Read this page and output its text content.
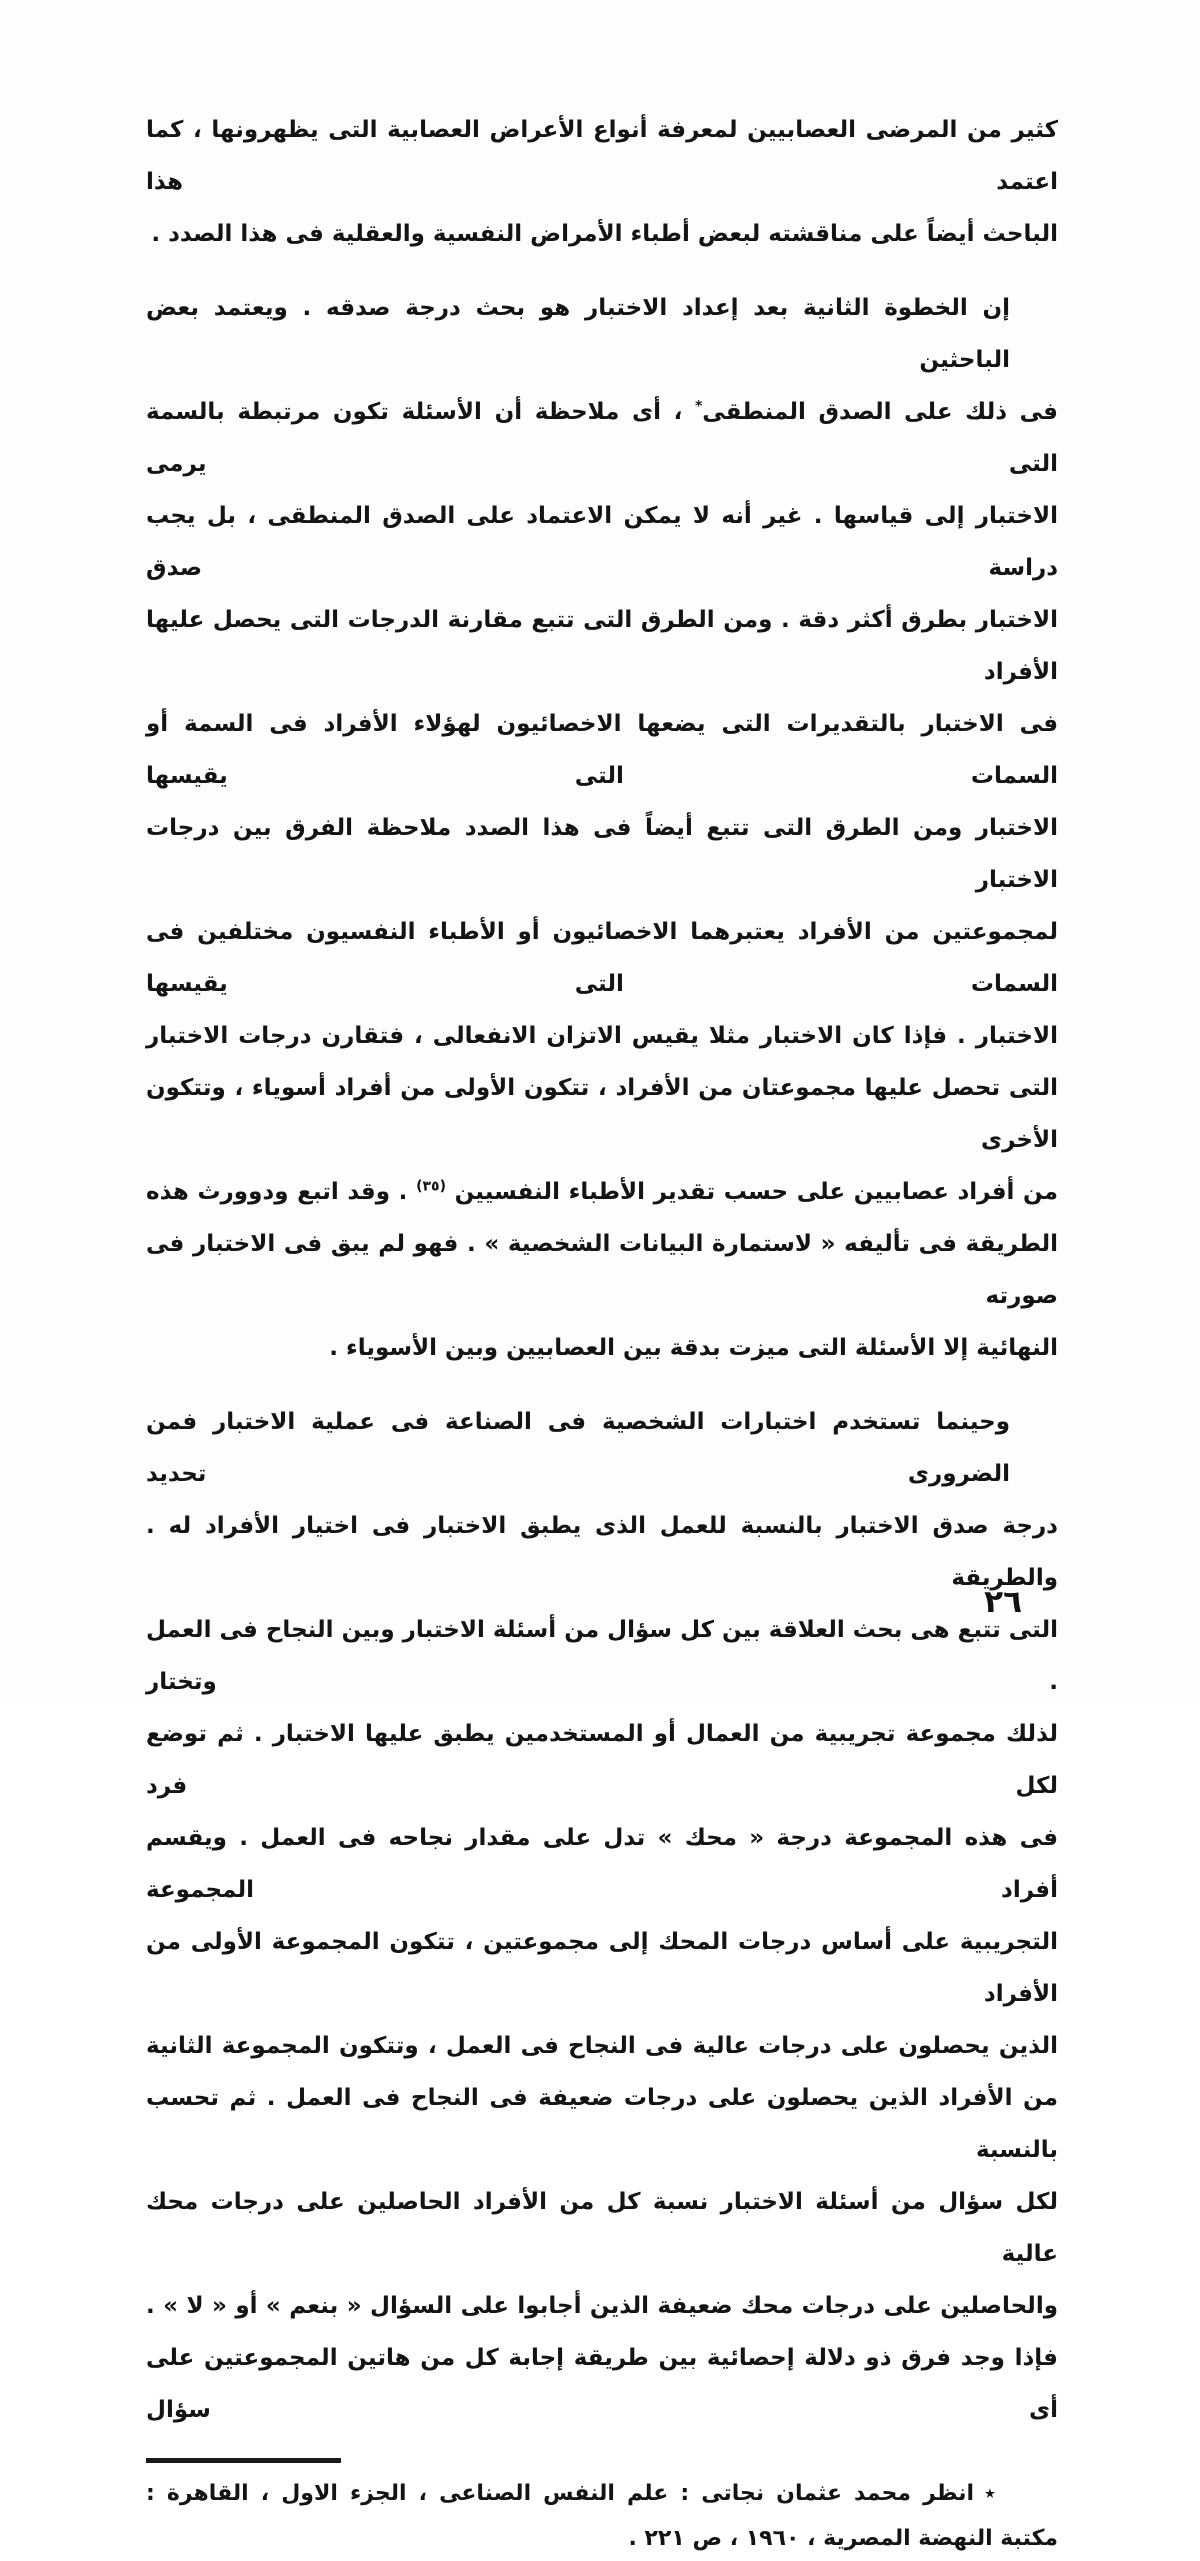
كثير من المرضى العصابيين لمعرفة أنواع الأعراض العصابية التى يظهرونها ، كما اعتمد هذا
الباحث أيضاً على مناقشته لبعض أطباء الأمراض النفسية والعقلية فى هذا الصدد .
إن الخطوة الثانية بعد إعداد الاختبار هو بحث درجة صدقه . ويعتمد بعض الباحثين
فى ذلك على الصدق المنطقى* ، أى ملاحظة أن الأسئلة تكون مرتبطة بالسمة التى يرمى
الاختبار إلى قياسها . غير أنه لا يمكن الاعتماد على الصدق المنطقى ، بل يجب دراسة صدق
الاختبار بطرق أكثر دقة . ومن الطرق التى تتبع مقارنة الدرجات التى يحصل عليها الأفراد
فى الاختبار بالتقديرات التى يضعها الاخصائيون لهؤلاء الأفراد فى السمة أو السمات التى يقيسها
الاختبار ومن الطرق التى تتبع أيضاً فى هذا الصدد ملاحظة الفرق بين درجات الاختبار
لمجموعتين من الأفراد يعتبرهما الاخصائيون أو الأطباء النفسيون مختلفين فى السمات التى يقيسها
الاختبار . فإذا كان الاختبار مثلا يقيس الاتزان الانفعالى ، فتقارن درجات الاختبار
التى تحصل عليها مجموعتان من الأفراد ، تتكون الأولى من أفراد أسوياء ، وتتكون الأخرى
من أفراد عصابيين على حسب تقدير الأطباء النفسيين $^{(٣٥)}$ . وقد اتبع ودوورث هذه
الطريقة فى تأليفه « لاستمارة البيانات الشخصية » . فهو لم يبق فى الاختبار فى صورته
النهائية إلا الأسئلة التى ميزت بدقة بين العصابيين وبين الأسوياء .
وحينما تستخدم اختبارات الشخصية فى الصناعة فى عملية الاختبار فمن الضرورى تحديد
درجة صدق الاختبار بالنسبة للعمل الذى يطبق الاختبار فى اختيار الأفراد له . والطريقة
التى تتبع هى بحث العلاقة بين كل سؤال من أسئلة الاختبار وبين النجاح فى العمل . وتختار
لذلك مجموعة تجريبية من العمال أو المستخدمين يطبق عليها الاختبار . ثم توضع لكل فرد
فى هذه المجموعة درجة « محك » تدل على مقدار نجاحه فى العمل . ويقسم أفراد المجموعة
التجريبية على أساس درجات المحك إلى مجموعتين ، تتكون المجموعة الأولى من الأفراد
الذين يحصلون على درجات عالية فى النجاح فى العمل ، وتتكون المجموعة الثانية
من الأفراد الذين يحصلون على درجات ضعيفة فى النجاح فى العمل . ثم تحسب بالنسبة
لكل سؤال من أسئلة الاختبار نسبة كل من الأفراد الحاصلين على درجات محك عالية
والحاصلين على درجات محك ضعيفة الذين أجابوا على السؤال « بنعم » أو « لا » .
فإذا وجد فرق ذو دلالة إحصائية بين طريقة إجابة كل من هاتين المجموعتين على أى سؤال
٭انظر محمد عثمان نجاتى : علم النفس الصناعى ، الجزء الاول ، القاهرة :
مكتبة النهضة المصرية ، ١٩٦٠ ، ص ٢٢١ .
٢٦
